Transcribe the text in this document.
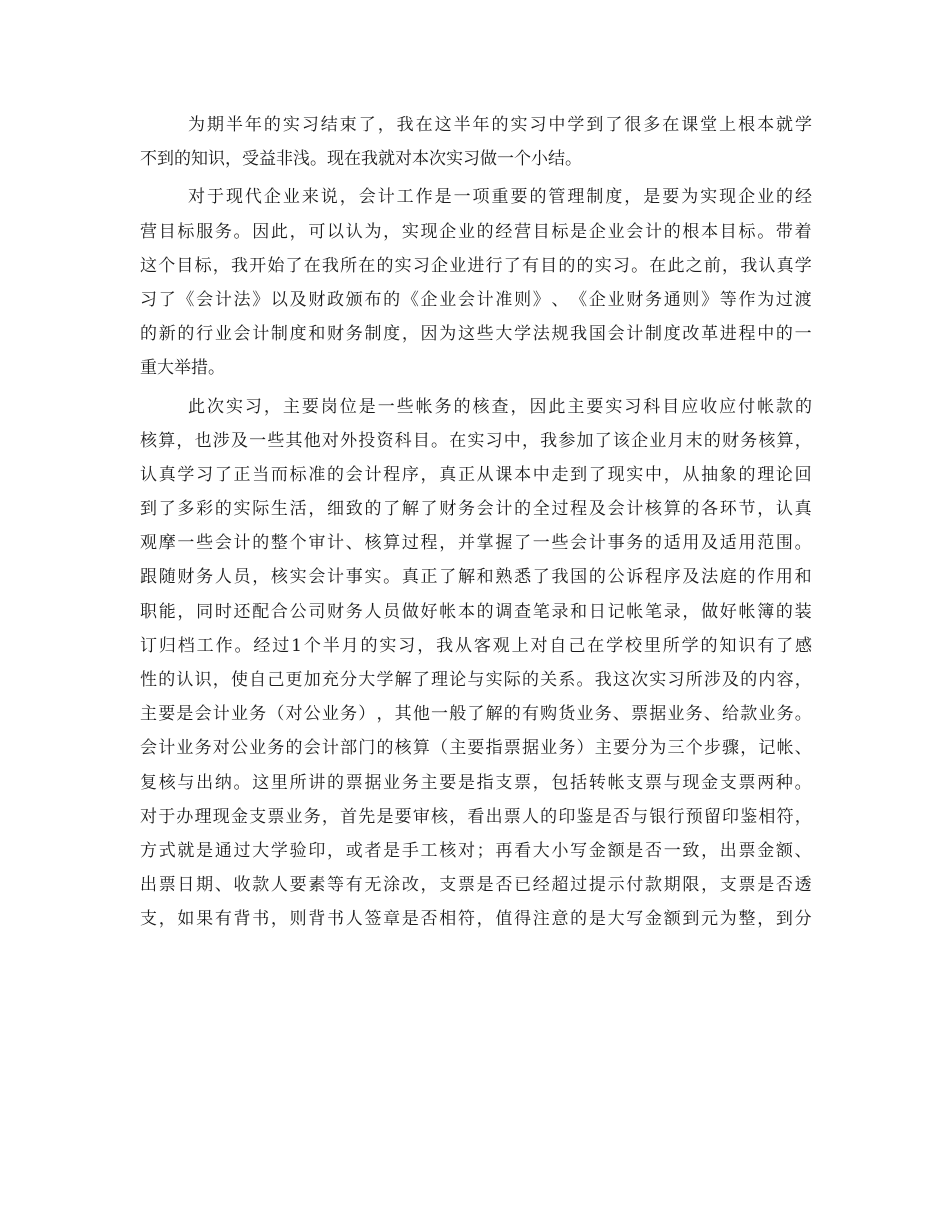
为 期 半 年 的 实 习 结 束 了 ， 我 在 这 半 年 的 实 习 中 学 到 了 很 多 在 课 堂 上 根 本 就 学
不到的知识，受益非浅。现在我就对本次实习做一个小结。
对 于 现 代 企 业 来 说 ， 会 计 工 作 是 一 项 重 要 的 管 理 制 度 ， 是 要 为 实 现 企 业 的 经
营 目 标 服 务 。 因 此 ， 可 以 认 为 ， 实 现 企 业 的 经 营 目 标 是 企 业 会 计 的 根 本 目 标 。 带 着
这 个 目 标 ， 我 开 始 了 在 我 所 在 的 实 习 企 业 进 行 了 有 目 的 的 实 习 。 在 此 之 前 ， 我 认 真 学
习 了 《 会 计 法 》 以 及 财 政 颁 布 的 《 企 业 会 计 准 则 》 、 《 企 业 财 务 通 则 》 等 作 为 过 渡
的 新 的 行 业 会 计 制 度 和 财 务 制 度 ， 因 为 这 些 大 学 法 规 我 国 会 计 制 度 改 革 进 程 中 的 一
重大举措。
此 次 实 习 ， 主 要 岗 位 是 一 些 帐 务 的 核 查 ， 因 此 主 要 实 习 科 目 应 收 应 付 帐 款 的
核 算 ， 也 涉 及 一 些 其 他 对 外 投 资 科 目 。 在 实 习 中 ， 我 参 加 了 该 企 业 月 末 的 财 务 核 算 ，
认 真 学 习 了 正 当 而 标 准 的 会 计 程 序 ， 真 正 从 课 本 中 走 到 了 现 实 中 ， 从 抽 象 的 理 论 回
到 了 多 彩 的 实 际 生 活 ， 细 致 的 了 解 了 财 务 会 计 的 全 过 程 及 会 计 核 算 的 各 环 节 ， 认 真
观 摩 一 些 会 计 的 整 个 审 计 、 核 算 过 程 ， 并 掌 握 了 一 些 会 计 事 务 的 适 用 及 适 用 范 围 。
跟 随 财 务 人 员 ， 核 实 会 计 事 实 。 真 正 了 解 和 熟 悉 了 我 国 的 公 诉 程 序 及 法 庭 的 作 用 和
职 能 ， 同 时 还 配 合 公 司 财 务 人 员 做 好 帐 本 的 调 查 笔 录 和 日 记 帐 笔 录 ， 做 好 帐 簿 的 装
订 归 档 工 作 。 经 过 1 个 半 月 的 实 习 ， 我 从 客 观 上 对 自 己 在 学 校 里 所 学 的 知 识 有 了 感
性 的 认 识 ， 使 自 己 更 加 充 分 大 学 解 了 理 论 与 实 际 的 关 系 。 我 这 次 实 习 所 涉 及 的 内 容 ，
主 要 是 会 计 业 务 （ 对 公 业 务 ） ， 其 他 一 般 了 解 的 有 购 货 业 务 、 票 据 业 务 、 给 款 业 务 。
会 计 业 务 对 公 业 务 的 会 计 部 门 的 核 算 （ 主 要 指 票 据 业 务 ） 主 要 分 为 三 个 步 骤 ， 记 帐 、
复 核 与 出 纳 。 这 里 所 讲 的 票 据 业 务 主 要 是 指 支 票 ， 包 括 转 帐 支 票 与 现 金 支 票 两 种 。
对 于 办 理 现 金 支 票 业 务 ， 首 先 是 要 审 核 ， 看 出 票 人 的 印 鉴 是 否 与 银 行 预 留 印 鉴 相 符 ，
方 式 就 是 通 过 大 学 验 印 ， 或 者 是 手 工 核 对 ； 再 看 大 小 写 金 额 是 否 一 致 ， 出 票 金 额 、
出 票 日 期 、 收 款 人 要 素 等 有 无 涂 改 ， 支 票 是 否 已 经 超 过 提 示 付 款 期 限 ， 支 票 是 否 透
支 ， 如 果 有 背 书 ， 则 背 书 人 签 章 是 否 相 符 ， 值 得 注 意 的 是 大 写 金 额 到 元 为 整 ， 到 分
